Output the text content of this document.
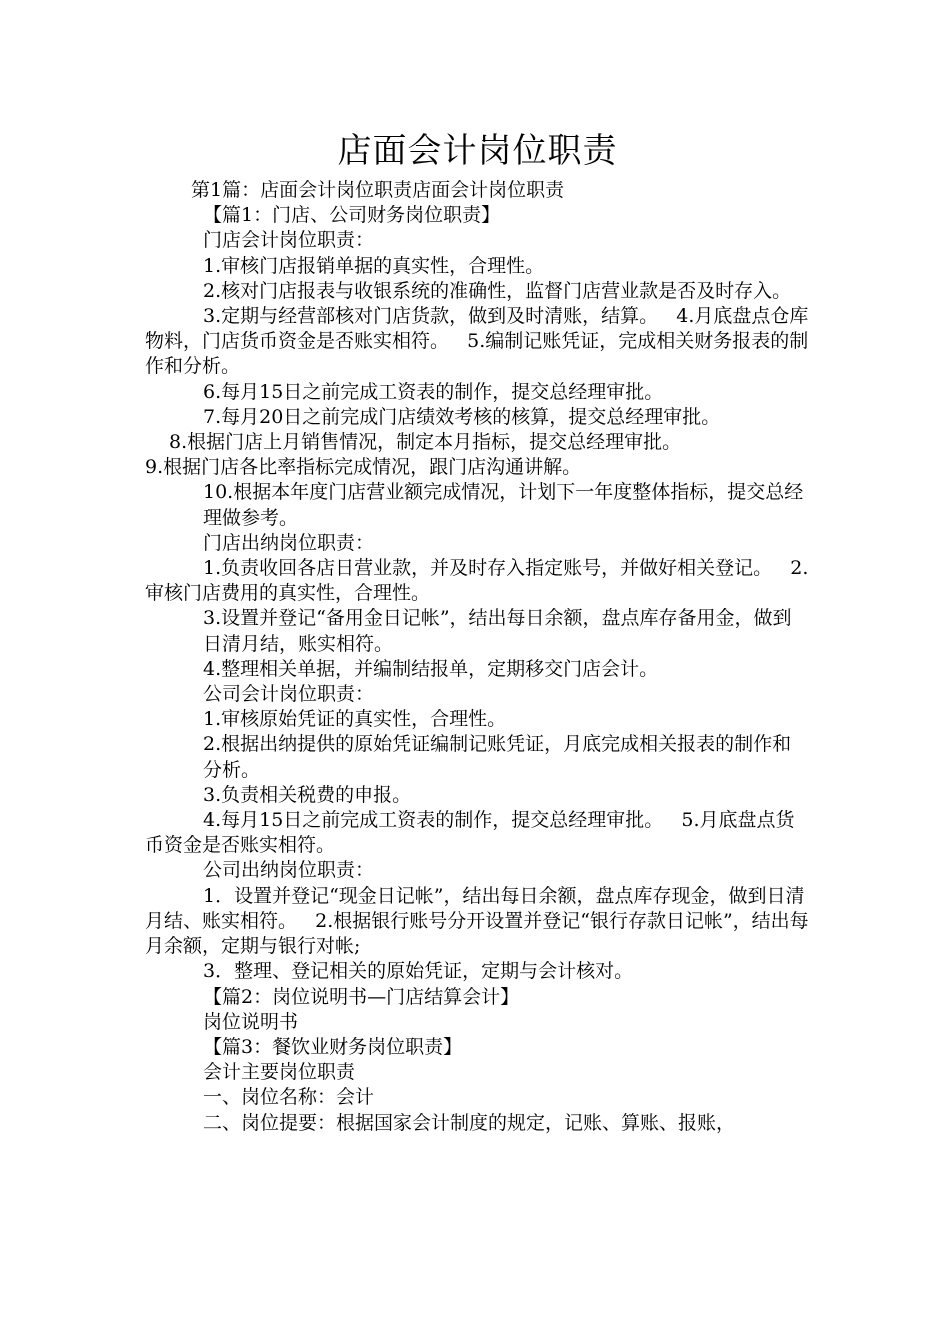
店面会计岗位职责

第1篇：店面会计岗位职责店面会计岗位职责

【篇1：门店、公司财务岗位职责】

门店会计岗位职责：

1.审核门店报销单据的真实性，合理性。

2.核对门店报表与收银系统的准确性，监督门店营业款是否及时存入。

3.定期与经营部核对门店货款，做到及时清账，结算。   4.月底盘点仓库物料，门店货币资金是否账实相符。   5.编制记账凭证，完成相关财务报表的制作和分析。

6.每月15日之前完成工资表的制作，提交总经理审批。

7.每月20日之前完成门店绩效考核的核算，提交总经理审批。

8.根据门店上月销售情况，制定本月指标，提交总经理审批。

9.根据门店各比率指标完成情况，跟门店沟通讲解。

10.根据本年度门店营业额完成情况，计划下一年度整体指标，提交总经

理做参考。

门店出纳岗位职责：

1.负责收回各店日营业款，并及时存入指定账号，并做好相关登记。   2.审核门店费用的真实性，合理性。

3.设置并登记“备用金日记帐”，结出每日余额，盘点库存备用金，做到

日清月结，账实相符。

4.整理相关单据，并编制结报单，定期移交门店会计。

公司会计岗位职责：

1.审核原始凭证的真实性，合理性。

2.根据出纳提供的原始凭证编制记账凭证，月底完成相关报表的制作和

分析。

3.负责相关税费的申报。

4.每月15日之前完成工资表的制作，提交总经理审批。   5.月底盘点货币资金是否账实相符。

公司出纳岗位职责：

1．设置并登记“现金日记帐”，结出每日余额，盘点库存现金，做到日清月结、账实相符。   2.根据银行账号分开设置并登记“银行存款日记帐”，结出每月余额，定期与银行对帐;

3．整理、登记相关的原始凭证，定期与会计核对。

【篇2：岗位说明书—门店结算会计】

岗位说明书

【篇3：餐饮业财务岗位职责】

会计主要岗位职责

一、岗位名称：会计

二、岗位提要：根据国家会计制度的规定，记账、算账、报账，
